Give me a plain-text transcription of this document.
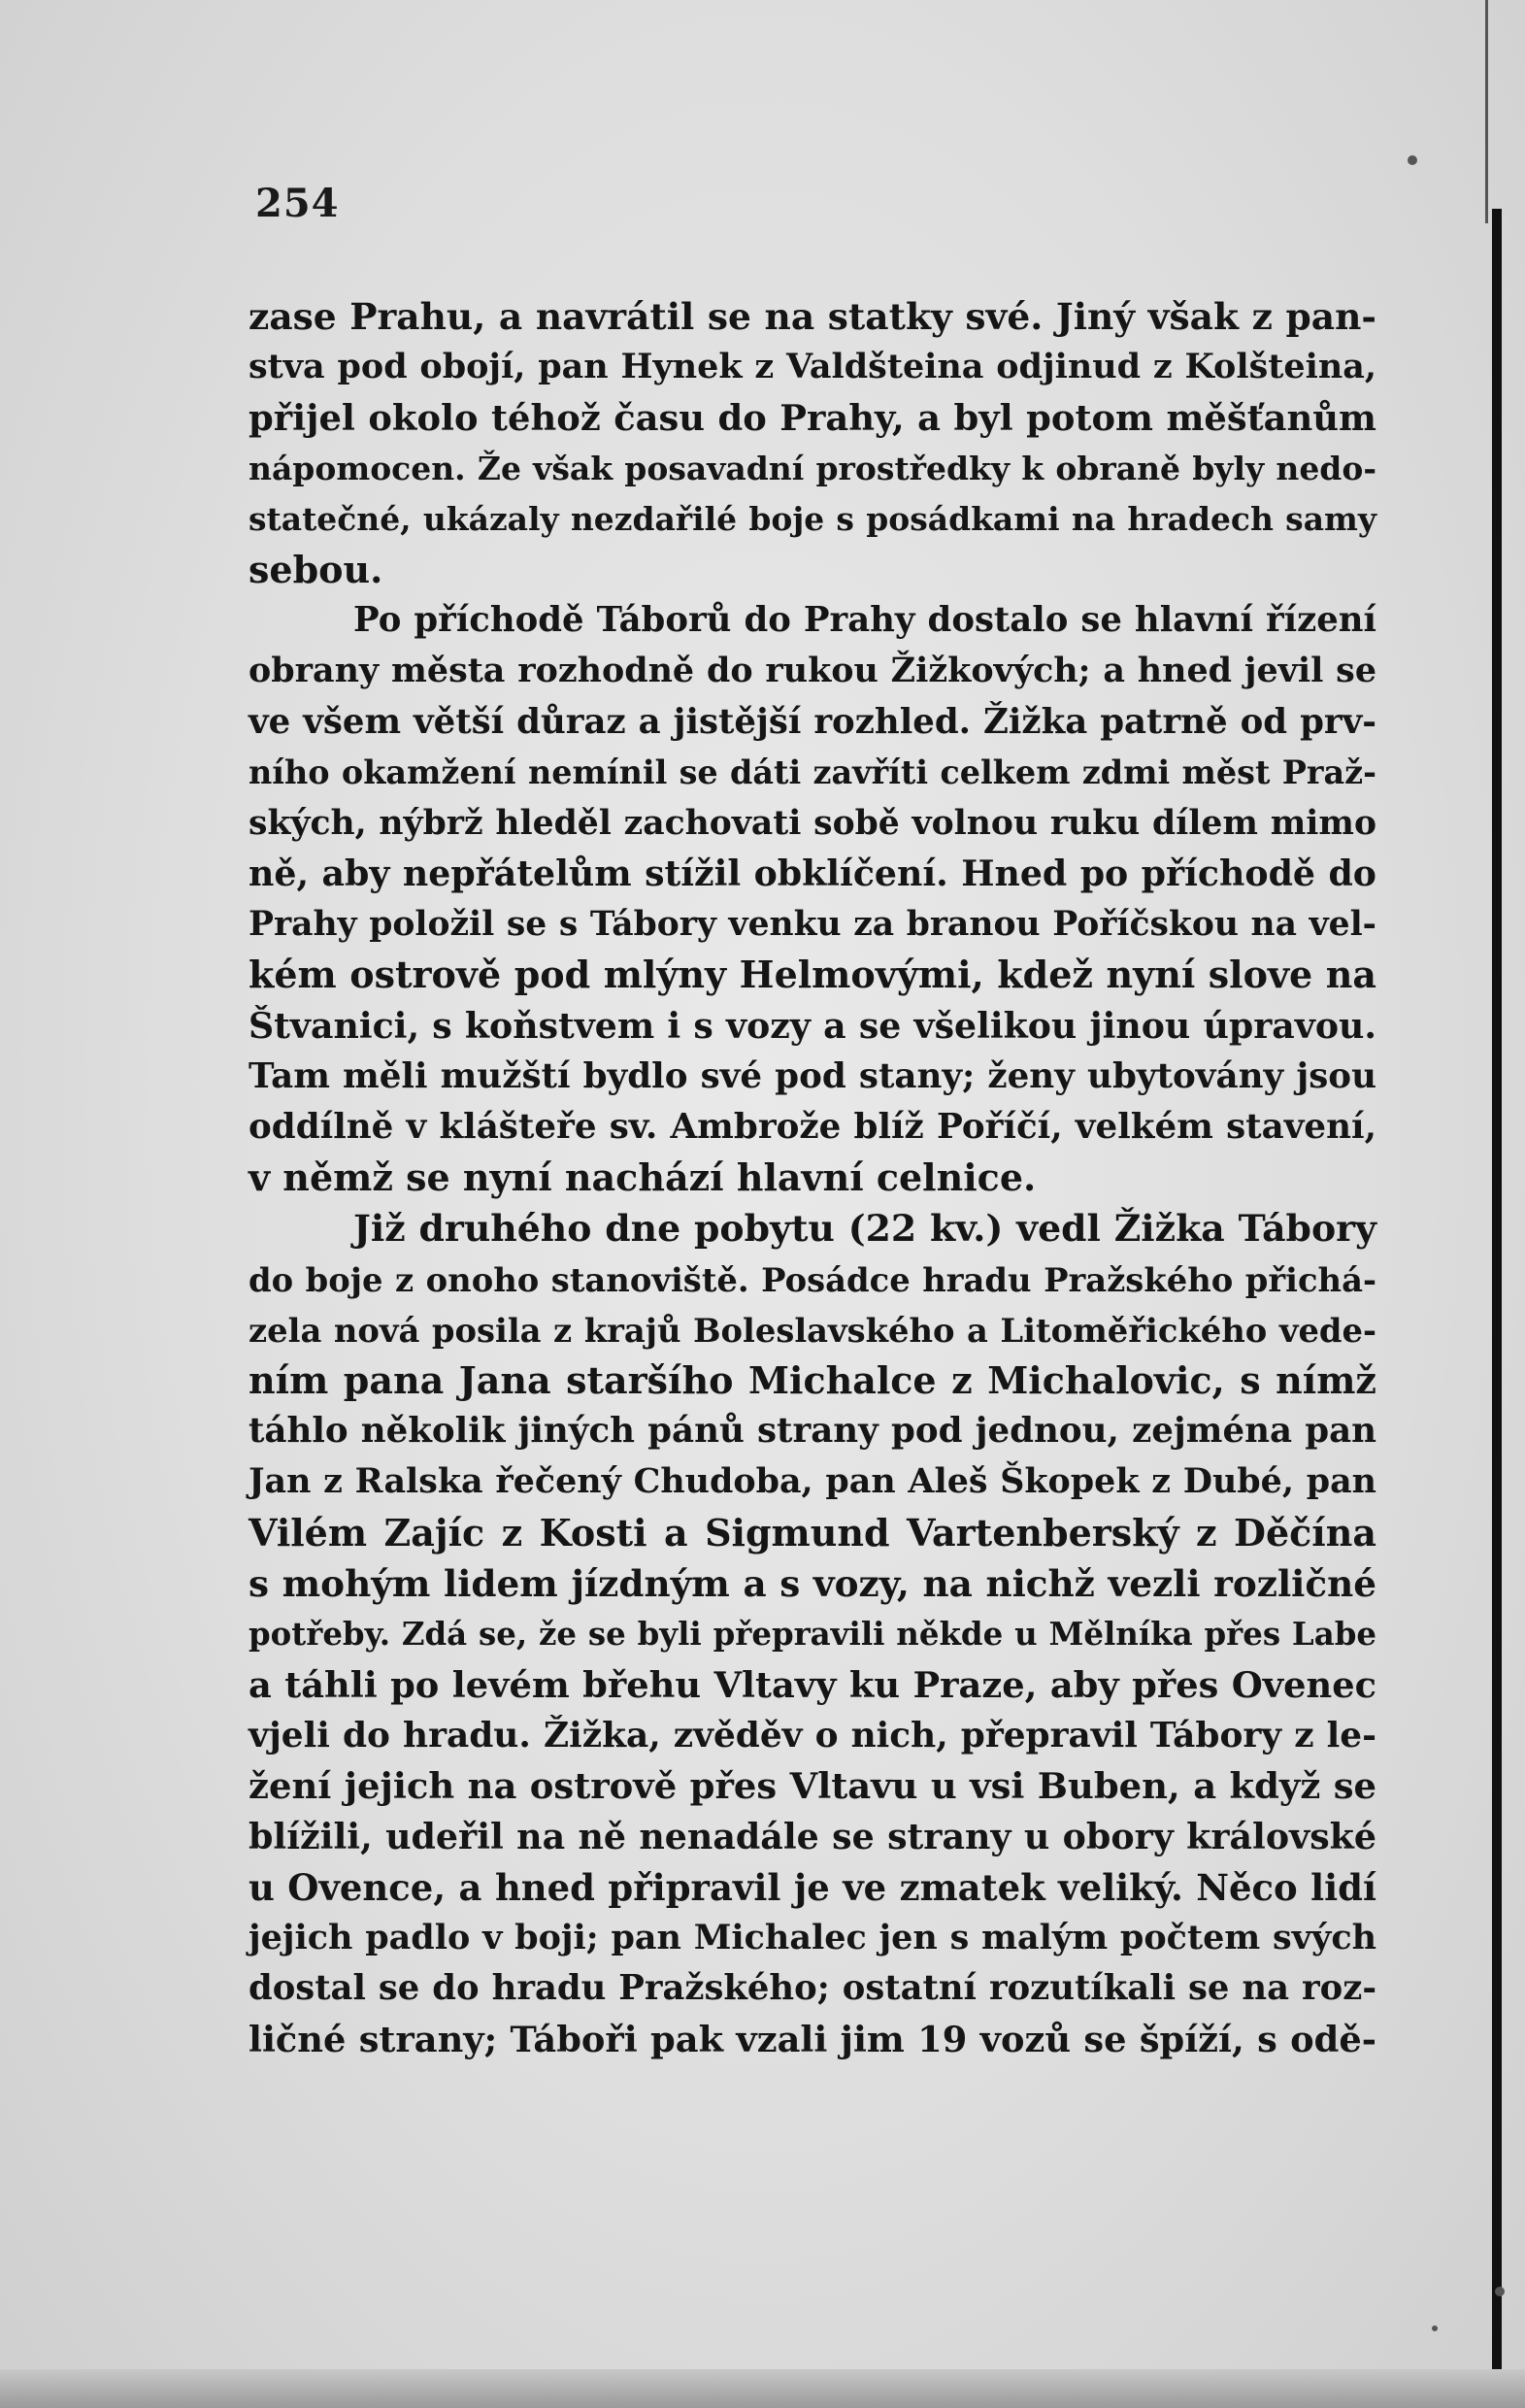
254
zase Prahu, a navrátil se na statky své. Jiný však z pan-
stva pod obojí, pan Hynek z Valdšteina odjinud z Kolšteina,
přijel okolo téhož času do Prahy, a byl potom měšťanům
nápomocen. Že však posavadní prostředky k obraně byly nedo-
statečné, ukázaly nezdařilé boje s posádkami na hradech samy
sebou.
Po příchodě Táborů do Prahy dostalo se hlavní řízení
obrany města rozhodně do rukou Žižkových; a hned jevil se
ve všem větší důraz a jistější rozhled. Žižka patrně od prv-
ního okamžení nemínil se dáti zavříti celkem zdmi měst Praž-
ských, nýbrž hleděl zachovati sobě volnou ruku dílem mimo
ně, aby nepřátelům stížil obklíčení. Hned po příchodě do
Prahy položil se s Tábory venku za branou Poříčskou na vel-
kém ostrově pod mlýny Helmovými, kdež nyní slove na
Štvanici, s koňstvem i s vozy a se všelikou jinou úpravou.
Tam měli mužští bydlo své pod stany; ženy ubytovány jsou
oddílně v klášteře sv. Ambrože blíž Poříčí, velkém stavení,
v němž se nyní nachází hlavní celnice.
Již druhého dne pobytu (22 kv.) vedl Žižka Tábory
do boje z onoho stanoviště. Posádce hradu Pražského přichá-
zela nová posila z krajů Boleslavského a Litoměřického vede-
ním pana Jana staršího Michalce z Michalovic, s nímž
táhlo několik jiných pánů strany pod jednou, zejména pan
Jan z Ralska řečený Chudoba, pan Aleš Škopek z Dubé, pan
Vilém Zajíc z Kosti a Sigmund Vartenberský z Děčína
s mohým lidem jízdným a s vozy, na nichž vezli rozličné
potřeby. Zdá se, že se byli přepravili někde u Mělníka přes Labe
a táhli po levém břehu Vltavy ku Praze, aby přes Ovenec
vjeli do hradu. Žižka, zvěděv o nich, přepravil Tábory z le-
žení jejich na ostrově přes Vltavu u vsi Buben, a když se
blížili, udeřil na ně nenadále se strany u obory královské
u Ovence, a hned připravil je ve zmatek veliký. Něco lidí
jejich padlo v boji; pan Michalec jen s malým počtem svých
dostal se do hradu Pražského; ostatní rozutíkali se na roz-
ličné strany; Táboři pak vzali jim 19 vozů se špíží, s odě-
